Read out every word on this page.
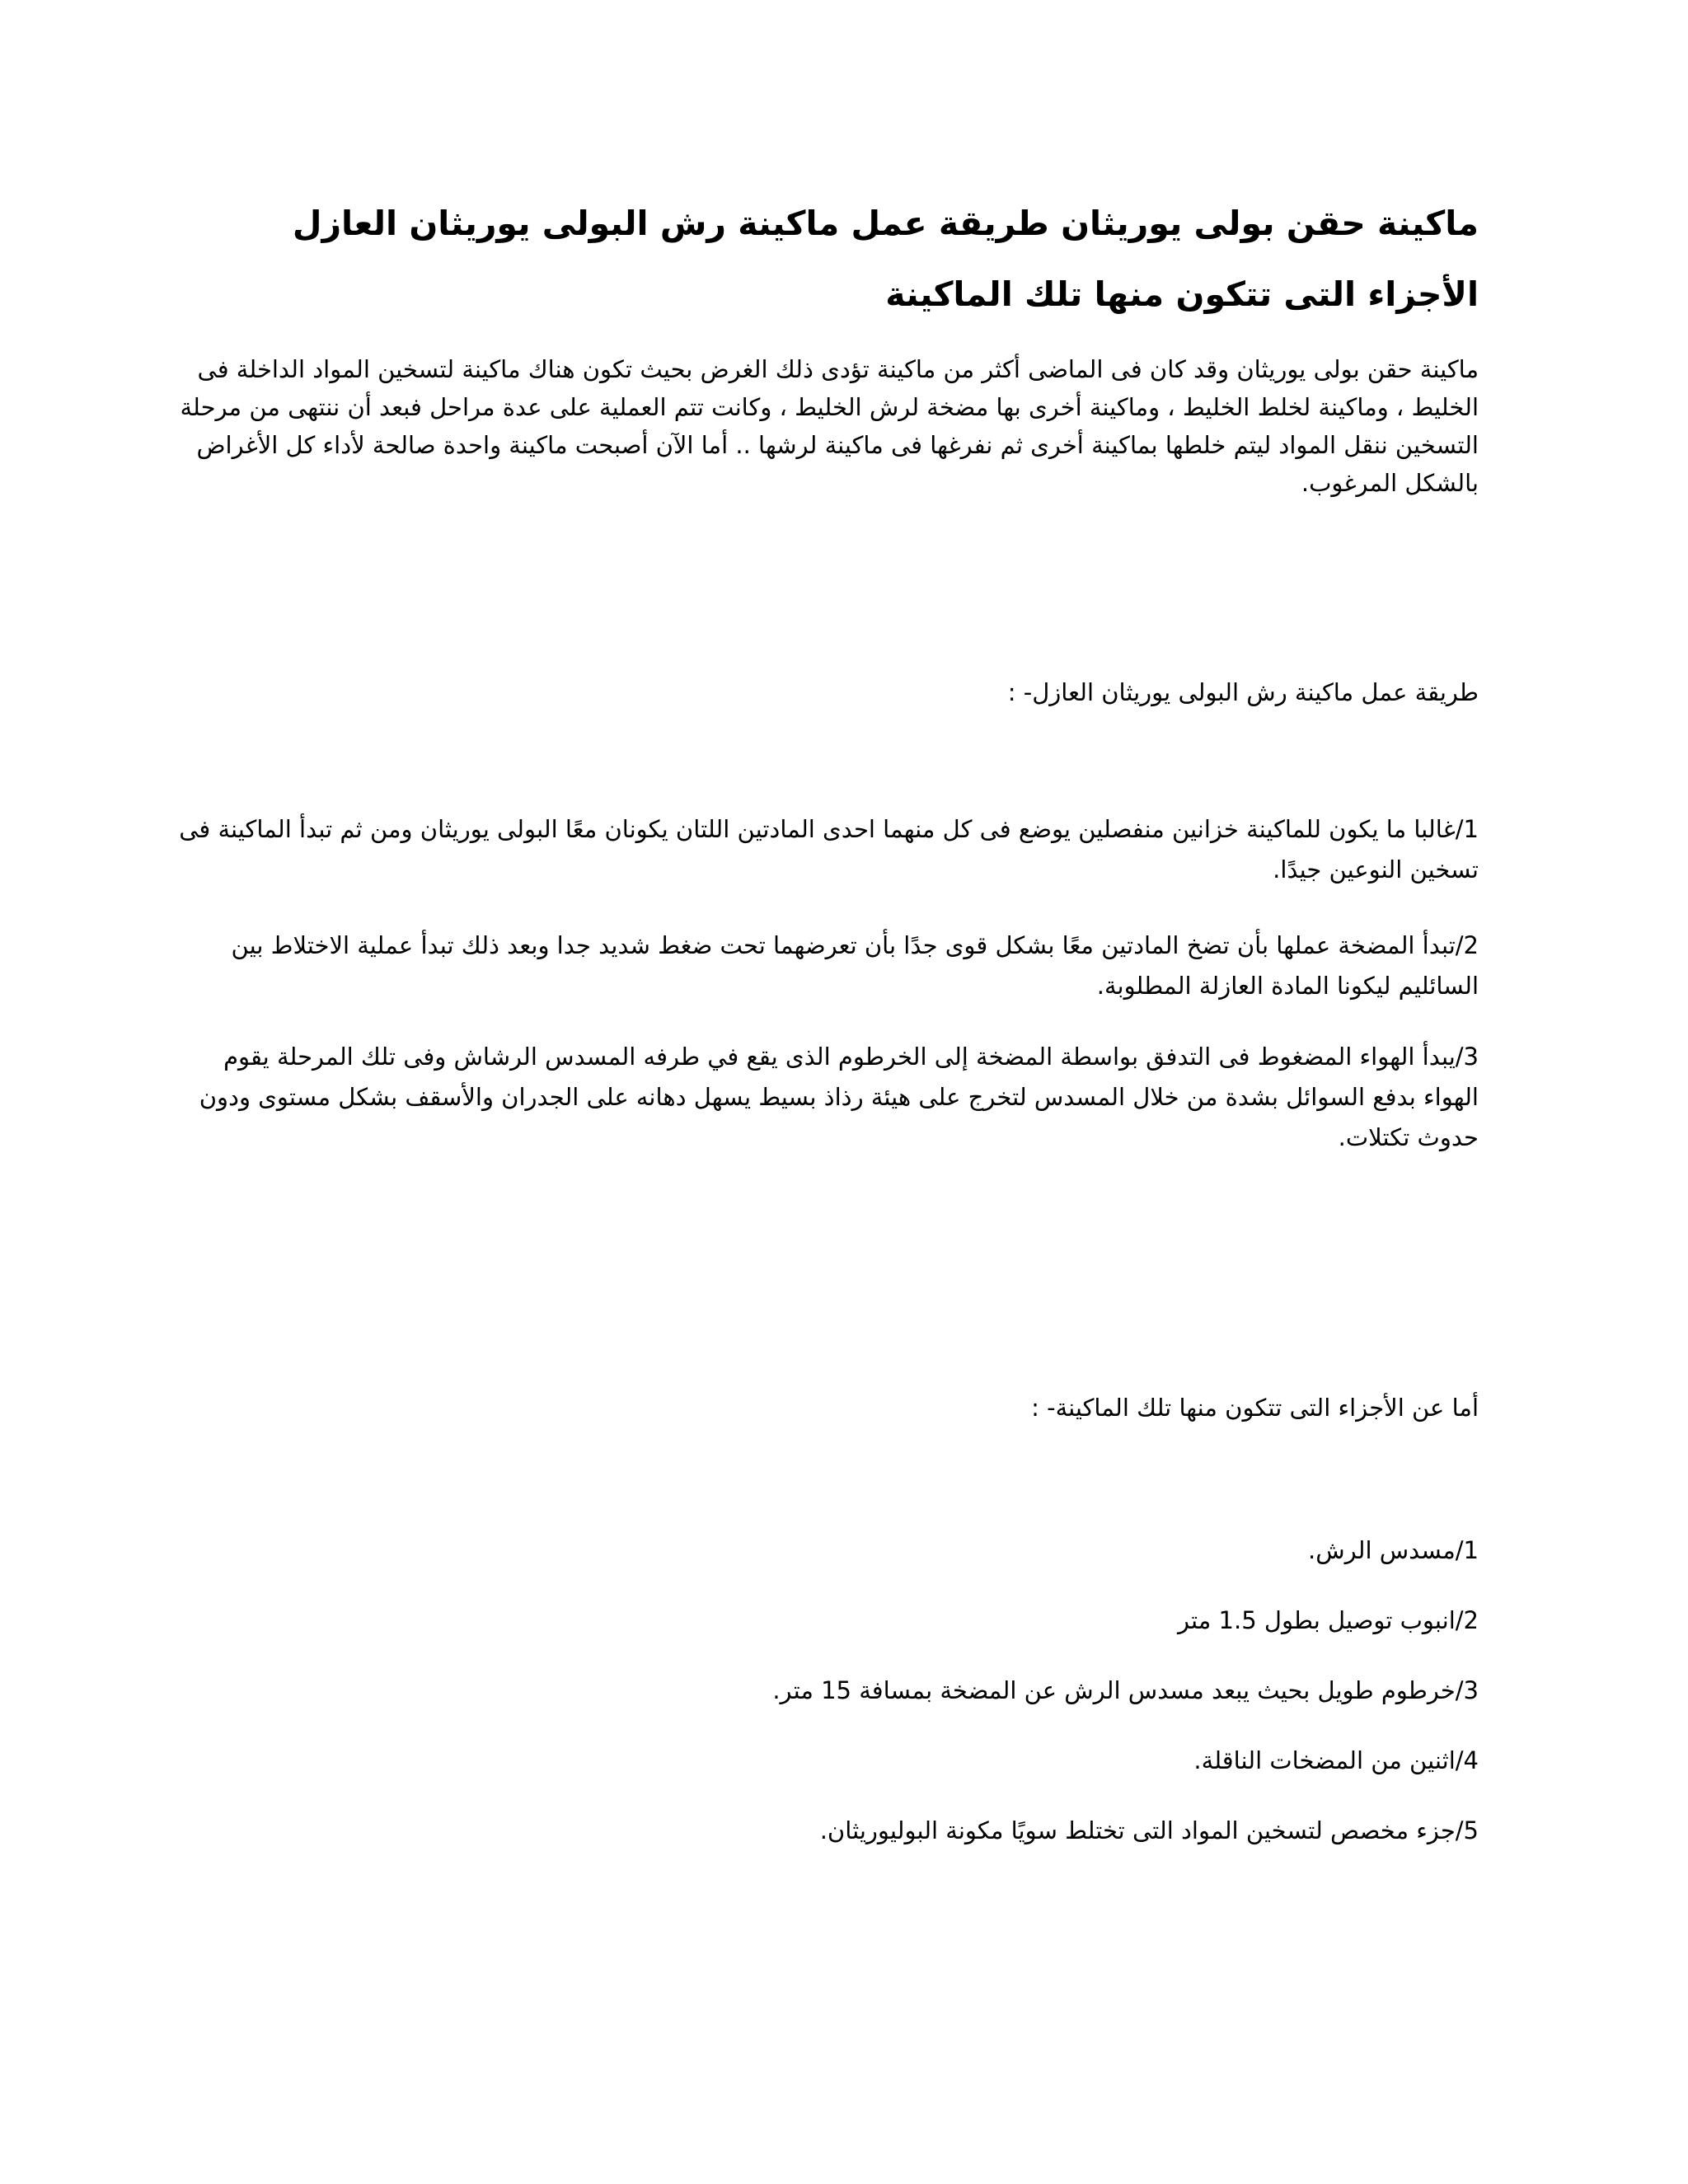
ماكينة حقن بولى يوريثان طريقة عمل ماكينة رش البولى يوريثان العازل
الأجزاء التى تتكون منها تلك الماكينة

ماكينة حقن بولى يوريثان وقد كان فى الماضى أكثر من ماكينة تؤدى ذلك الغرض بحيث تكون هناك ماكينة لتسخين المواد الداخلة فى الخليط ، وماكينة لخلط الخليط ، وماكينة أخرى بها مضخة لرش الخليط ، وكانت تتم العملية على عدة مراحل فبعد أن ننتهى من مرحلة التسخين ننقل المواد ليتم خلطها بماكينة أخرى ثم نفرغها فى ماكينة لرشها .. أما الآن أصبحت ماكينة واحدة صالحة لأداء كل الأغراض بالشكل المرغوب.

طريقة عمل ماكينة رش البولى يوريثان العازل- :

1/غالبا ما يكون للماكينة خزانين منفصلين يوضع فى كل منهما احدى المادتين اللتان يكونان معًا البولى يوريثان ومن ثم تبدأ الماكينة فى تسخين النوعين جيدًا.

2/تبدأ المضخة عملها بأن تضخ المادتين معًا بشكل قوى جدًا بأن تعرضهما تحت ضغط شديد جدا وبعد ذلك تبدأ عملية الاختلاط بين السائليم ليكونا المادة العازلة المطلوبة.

3/يبدأ الهواء المضغوط فى التدفق بواسطة المضخة إلى الخرطوم الذى يقع في طرفه المسدس الرشاش وفى تلك المرحلة يقوم الهواء بدفع السوائل بشدة من خلال المسدس لتخرج على هيئة رذاذ بسيط يسهل دهانه على الجدران والأسقف بشكل مستوى ودون حدوث تكتلات.

أما عن الأجزاء التى تتكون منها تلك الماكينة- :

1/مسدس الرش.

2/انبوب توصيل بطول 1.5 متر

3/خرطوم طويل بحيث يبعد مسدس الرش عن المضخة بمسافة 15 متر.

4/اثنين من المضخات الناقلة.

5/جزء مخصص لتسخين المواد التى تختلط سويًا مكونة البوليوريثان.
